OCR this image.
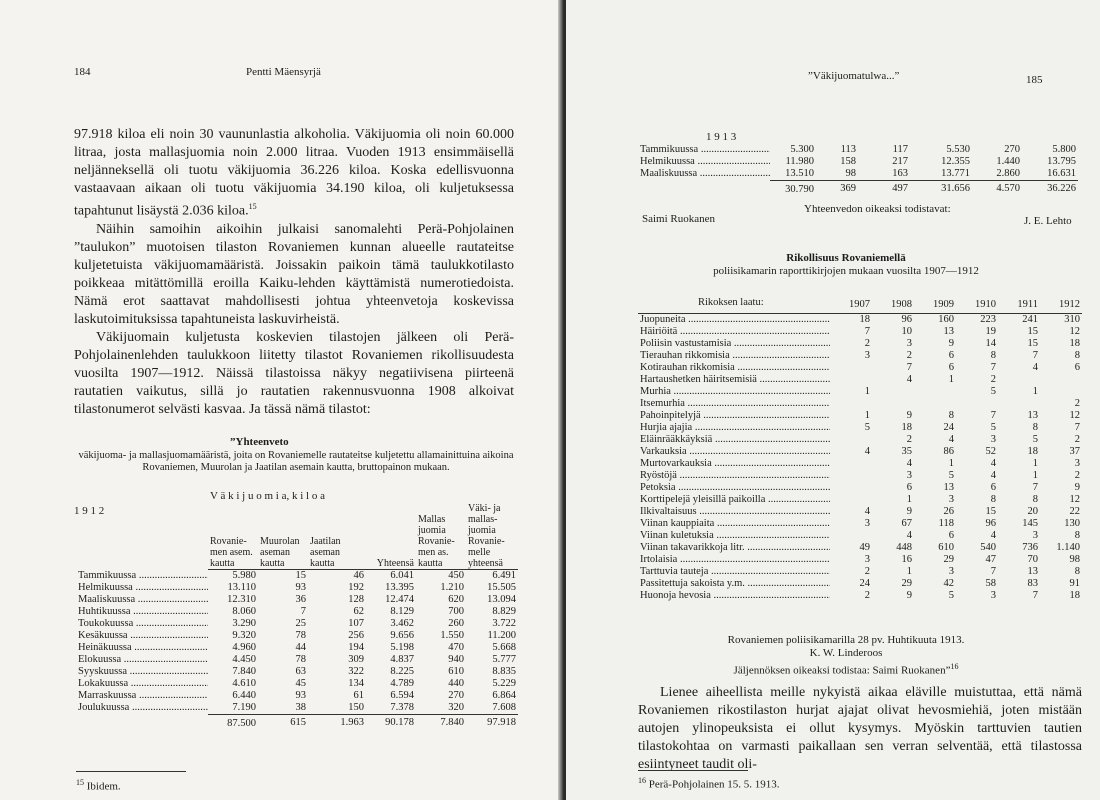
184	Pentti Mäensyrjä

97.918 kiloa eli noin 30 vaununlastia alkoholia. Väkijuomia oli noin 60.000 litraa, josta mallasjuomia noin 2.000 litraa. Vuoden 1913 ensimmäisellä neljänneksellä oli tuotu väkijuomia 36.226 kiloa. Koska edellisvuonna vastaavaan aikaan oli tuotu väkijuomia 34.190 kiloa, oli kuljetuksessa tapahtunut lisäystä 2.036 kiloa.$^{15}$

Näihin samoihin aikoihin julkaisi sanomalehti Perä-Pohjolainen ”taulukon” muotoisen tilaston Rovaniemen kunnan alueelle rautateitse kuljetetuista väkijuomamääristä. Joissakin paikoin tämä taulukkotilasto poikkeaa mitättömillä eroilla Kaiku-lehden käyttämistä numerotiedoista. Nämä erot saattavat mahdollisesti johtua yhteenvetoja koskevissa laskutoimituksissa tapahtuneista laskuvirheistä.

Väkijuomain kuljetusta koskevien tilastojen jälkeen oli Perä-Pohjolainenlehden taulukkoon liitetty tilastot Rovaniemen rikollisuudesta vuosilta 1907—1912. Näissä tilastoissa näkyy negatiivisena piirteenä rautatien vaikutus, sillä jo rautatien rakennusvuonna 1908 alkoivat tilastonumerot selvästi kasvaa. Ja tässä nämä tilastot:

”Yhteenveto
väkijuoma- ja mallasjuomamääristä, joita on Rovaniemelle rautateitse kuljetettu allamainittuina aikoina Rovaniemen, Muurolan ja Jaatilan asemain kautta, bruttopainon mukaan.
1 9 1 2
V ä k i j u o m i a, k i l o a
	Rovanie- men asem. kautta	Muurolan aseman kautta	Jaatilan aseman kautta	Yhteensä	Mallas juomia Rovanie- men as. kautta	Väki- ja mallas- juomia Rovanie- melle yhteensä
Tammikuussa .....	5.980	15	46	6.041	450	6.491
Helmikuussa .....	13.110	93	192	13.395	1.210	15.505
Maaliskuussa .....	12.310	36	128	12.474	620	13.094
Huhtikuussa .....	8.060	7	62	8.129	700	8.829
Toukokuussa .....	3.290	25	107	3.462	260	3.722
Kesäkuussa .....	9.320	78	256	9.656	1.550	11.200
Heinäkuussa .....	4.960	44	194	5.198	470	5.668
Elokuussa .....	4.450	78	309	4.837	940	5.777
Syyskuussa .....	7.840	63	322	8.225	610	8.835
Lokakuussa .....	4.610	45	134	4.789	440	5.229
Marraskuussa .....	6.440	93	61	6.594	270	6.864
Joulukuussa .....	7.190	38	150	7.378	320	7.608
	87.500	615	1.963	90.178	7.840	97.918
$^{15}$ Ibidem.
”Väkijuomatulwa...”	185
1 9 1 3
Tammikuussa .....	5.300	113	117	5.530	270	5.800
Helmikuussa .....	11.980	158	217	12.355	1.440	13.795
Maaliskuussa .....	13.510	98	163	13.771	2.860	16.631
	30.790	369	497	31.656	4.570	36.226
Yhteenvedon oikeaksi todistavat:
Saimi Ruokanen	J. E. Lehto
Rikollisuus Rovaniemellä
poliisikamarin raporttikirjojen mukaan vuosilta 1907—1912
Rikoksen laatu:	1907	1908	1909	1910	1911	1912
Juopuneita .....	18	96	160	223	241	310
Häiriöitä .....	7	10	13	19	15	12
Poliisin vastustamisia .....	2	3	9	14	15	18
Tierauhan rikkomisia .....	3	2	6	8	7	8
Kotirauhan rikkomisia .....		7	6	7	4	6
Hartaushetken häiritsemisiä .....		4	1	2		
Murhia .....	1			5	1	
Itsemurhia .....						2
Pahoinpitelyjä .....	1	9	8	7	13	12
Hurjia ajajia .....	5	18	24	5	8	7
Eläinrääkkäyksiä .....		2	4	3	5	2
Varkauksia .....	4	35	86	52	18	37
Murtovarkauksia .....		4	1	4	1	3
Ryöstöjä .....		3	5	4	1	2
Petoksia .....		6	13	6	7	9
Korttipelejä yleisillä paikoilla .....		1	3	8	8	12
Ilkivaltaisuus .....	4	9	26	15	20	22
Viinan kauppiaita .....	3	67	118	96	145	130
Viinan kuletuksia .....		4	6	4	3	8
Viinan takavarikkoja litr. .....	49	448	610	540	736	1.140
Irtolaisia .....	3	16	29	47	70	98
Tarttuvia tauteja .....	2	1	3	7	13	8
Passitettuja sakoista y.m. .....	24	29	42	58	83	91
Huonoja hevosia .....	2	9	5	3	7	18
Rovaniemen poliisikamarilla 28 pv. Huhtikuuta 1913.
K. W. Linderoos
Jäljennöksen oikeaksi todistaa: Saimi Ruokanen”$^{16}$
Lienee aiheellista meille nykyistä aikaa eläville muistuttaa, että nämä Rovaniemen rikostilaston hurjat ajajat olivat hevosmiehiä, joten mistään autojen ylinopeuksista ei ollut kysymys. Myöskin tarttuvien tautien tilastokohtaa on varmasti paikallaan sen verran selventää, että tilastossa esiintyneet taudit oli-
$^{16}$ Perä-Pohjolainen 15. 5. 1913.
